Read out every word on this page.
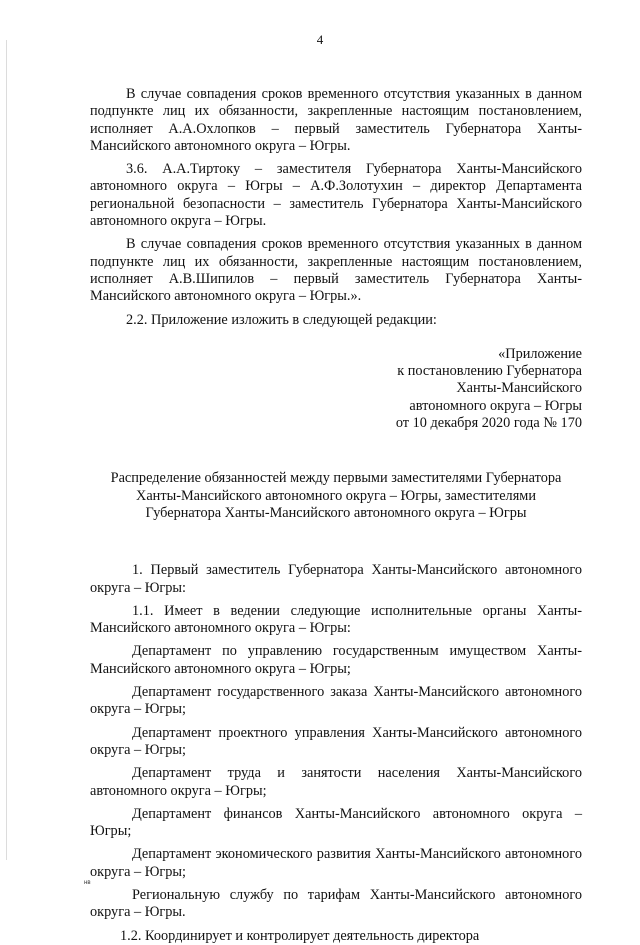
4

В случае совпадения сроков временного отсутствия указанных в данном подпункте лиц их обязанности, закрепленные настоящим постановлением, исполняет А.А.Охлопков – первый заместитель Губернатора Ханты-Мансийского автономного округа – Югры.

3.6. А.А.Тиртоку – заместителя Губернатора Ханты-Мансийского автономного округа – Югры – А.Ф.Золотухин – директор Департамента региональной безопасности – заместитель Губернатора Ханты-Мансийского автономного округа – Югры.

В случае совпадения сроков временного отсутствия указанных в данном подпункте лиц их обязанности, закрепленные настоящим постановлением, исполняет А.В.Шипилов – первый заместитель Губернатора Ханты-Мансийского автономного округа – Югры.».

2.2. Приложение изложить в следующей редакции:

«Приложение
к постановлению Губернатора
Ханты-Мансийского
автономного округа – Югры
от 10 декабря 2020 года № 170
Распределение обязанностей между первыми заместителями Губернатора
Ханты-Мансийского автономного округа – Югры, заместителями
Губернатора Ханты-Мансийского автономного округа – Югры

1. Первый заместитель Губернатора Ханты-Мансийского автономного округа – Югры:

1.1. Имеет в ведении следующие исполнительные органы Ханты-Мансийского автономного округа – Югры:

Департамент по управлению государственным имуществом Ханты-Мансийского автономного округа – Югры;

Департамент государственного заказа Ханты-Мансийского автономного округа – Югры;

Департамент проектного управления Ханты-Мансийского автономного округа – Югры;

Департамент труда и занятости населения Ханты-Мансийского автономного округа – Югры;

Департамент финансов Ханты-Мансийского автономного округа – Югры;

Департамент экономического развития Ханты-Мансийского автономного округа – Югры;

Региональную службу по тарифам Ханты-Мансийского автономного округа – Югры.

1.2. Координирует и контролирует деятельность директора

нв
